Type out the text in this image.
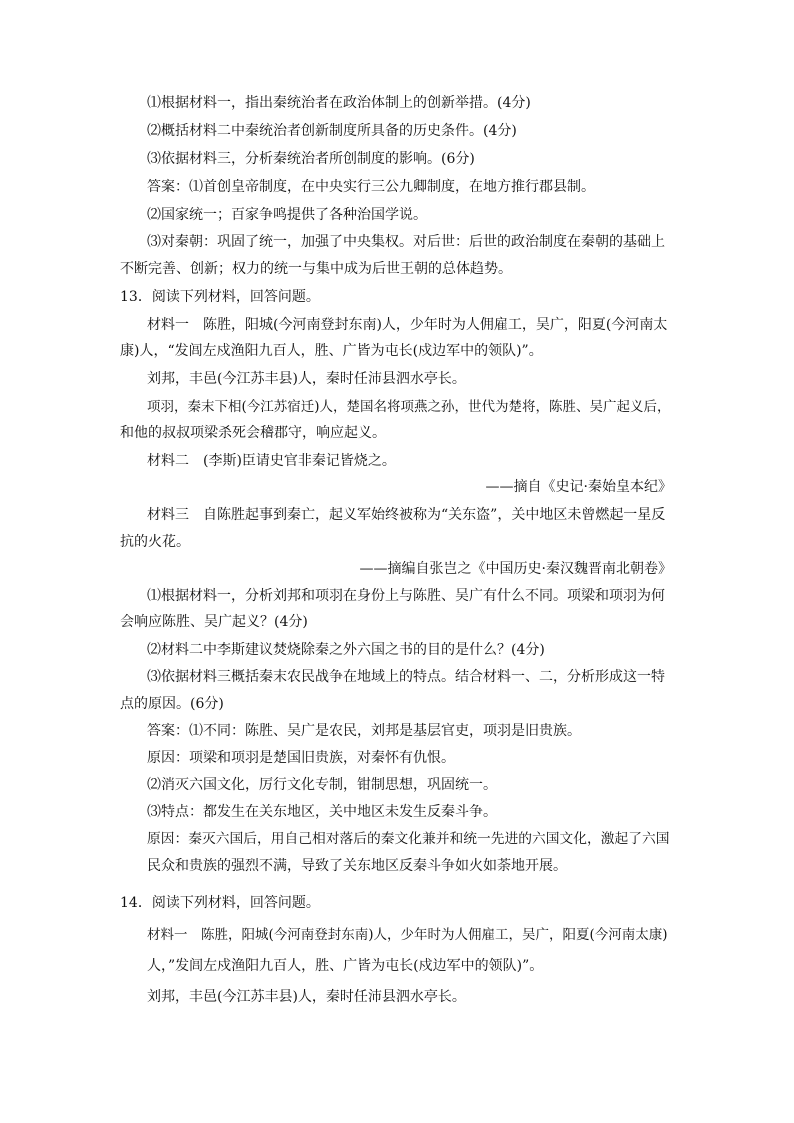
⑴根据材料一，指出秦统治者在政治体制上的创新举措。(4分)

⑵概括材料二中秦统治者创新制度所具备的历史条件。(4分)

⑶依据材料三，分析秦统治者所创制度的影响。(6分)

答案：⑴首创皇帝制度，在中央实行三公九卿制度，在地方推行郡县制。

⑵国家统一；百家争鸣提供了各种治国学说。

⑶对秦朝：巩固了统一，加强了中央集权。对后世：后世的政治制度在秦朝的基础上

不断完善、创新；权力的统一与集中成为后世王朝的总体趋势。

13．阅读下列材料，回答问题。

材料一　陈胜，阳城(今河南登封东南)人，少年时为人佣雇工，吴广，阳夏(今河南太

康)人，“发闾左戍渔阳九百人，胜、广皆为屯长(戍边军中的领队)”。

刘邦，丰邑(今江苏丰县)人，秦时任沛县泗水亭长。

项羽，秦末下相(今江苏宿迁)人，楚国名将项燕之孙，世代为楚将，陈胜、吴广起义后，

和他的叔叔项梁杀死会稽郡守，响应起义。

材料二　(李斯)臣请史官非秦记皆烧之。

——摘自《史记·秦始皇本纪》

材料三　自陈胜起事到秦亡，起义军始终被称为“关东盗”，关中地区未曾燃起一星反

抗的火花。

——摘编自张岂之《中国历史·秦汉魏晋南北朝卷》

⑴根据材料一，分析刘邦和项羽在身份上与陈胜、吴广有什么不同。项梁和项羽为何

会响应陈胜、吴广起义？(4分)

⑵材料二中李斯建议焚烧除秦之外六国之书的目的是什么？(4分)

⑶依据材料三概括秦末农民战争在地域上的特点。结合材料一、二，分析形成这一特

点的原因。(6分)

答案：⑴不同：陈胜、吴广是农民，刘邦是基层官吏，项羽是旧贵族。

原因：项梁和项羽是楚国旧贵族，对秦怀有仇恨。

⑵消灭六国文化，厉行文化专制，钳制思想，巩固统一。

⑶特点：都发生在关东地区，关中地区未发生反秦斗争。

原因：秦灭六国后，用自己相对落后的秦文化兼并和统一先进的六国文化，激起了六国

民众和贵族的强烈不满，导致了关东地区反秦斗争如火如荼地开展。

14．阅读下列材料，回答问题。

材料一　陈胜，阳城(今河南登封东南)人，少年时为人佣雇工，吴广，阳夏(今河南太康)

人，”发闾左戍渔阳九百人，胜、广皆为屯长(戍边军中的领队)”。

刘邦，丰邑(今江苏丰县)人，秦时任沛县泗水亭长。
